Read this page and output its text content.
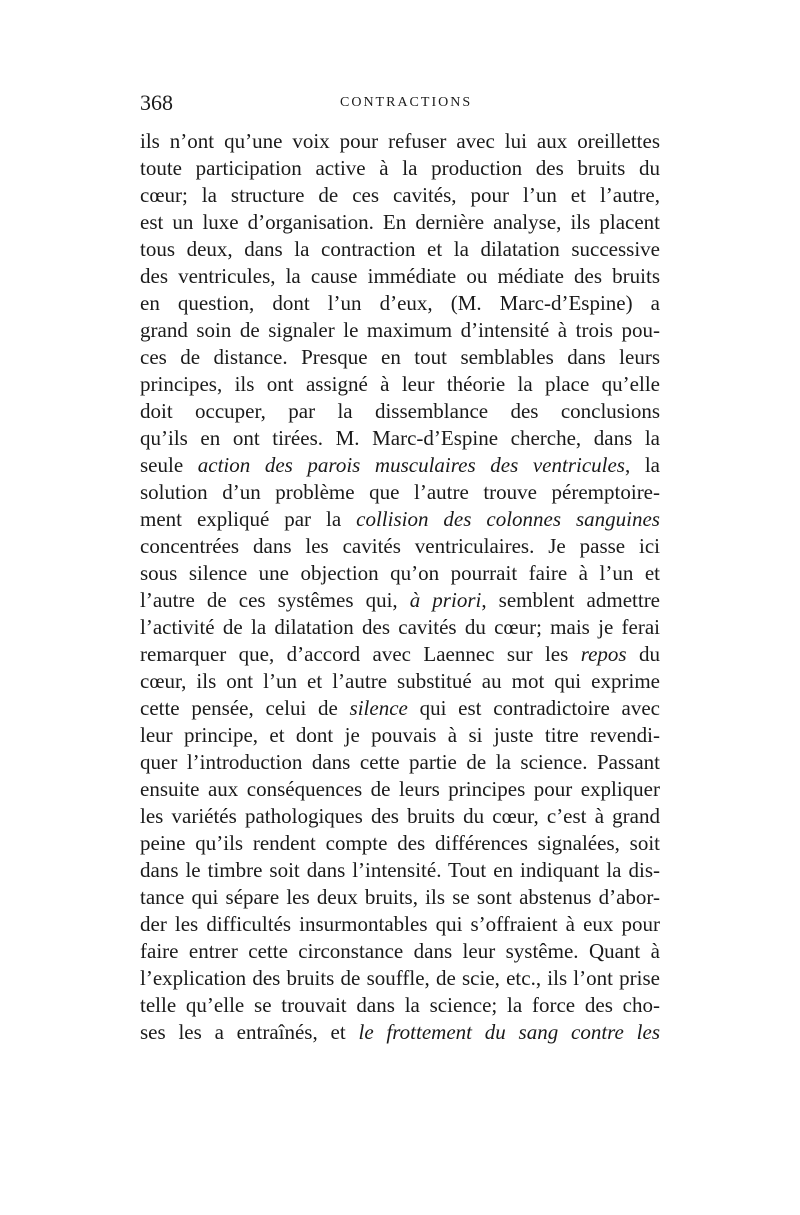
368	CONTRACTIONS
ils n’ont qu’une voix pour refuser avec lui aux oreillettes
toute participation active à la production des bruits du
cœur; la structure de ces cavités, pour l’un et l’autre,
est un luxe d’organisation. En dernière analyse, ils placent
tous deux, dans la contraction et la dilatation successive
des ventricules, la cause immédiate ou médiate des bruits
en question, dont l’un d’eux, (M. Marc-d’Espine) a
grand soin de signaler le maximum d’intensité à trois pou-
ces de distance. Presque en tout semblables dans leurs
principes, ils ont assigné à leur théorie la place qu’elle
doit occuper, par la dissemblance des conclusions
qu’ils en ont tirées. M. Marc-d’Espine cherche, dans la
seule action des parois musculaires des ventricules, la
solution d’un problème que l’autre trouve péremptoire-
ment expliqué par la collision des colonnes sanguines
concentrées dans les cavités ventriculaires. Je passe ici
sous silence une objection qu’on pourrait faire à l’un et
l’autre de ces systêmes qui, à priori, semblent admettre
l’activité de la dilatation des cavités du cœur; mais je ferai
remarquer que, d’accord avec Laennec sur les repos du
cœur, ils ont l’un et l’autre substitué au mot qui exprime
cette pensée, celui de silence qui est contradictoire avec
leur principe, et dont je pouvais à si juste titre revendi-
quer l’introduction dans cette partie de la science. Passant
ensuite aux conséquences de leurs principes pour expliquer
les variétés pathologiques des bruits du cœur, c’est à grand
peine qu’ils rendent compte des différences signalées, soit
dans le timbre soit dans l’intensité. Tout en indiquant la dis-
tance qui sépare les deux bruits, ils se sont abstenus d’abor-
der les difficultés insurmontables qui s’offraient à eux pour
faire entrer cette circonstance dans leur systême. Quant à
l’explication des bruits de souffle, de scie, etc., ils l’ont prise
telle qu’elle se trouvait dans la science; la force des cho-
ses les a entraînés, et le frottement du sang contre les
